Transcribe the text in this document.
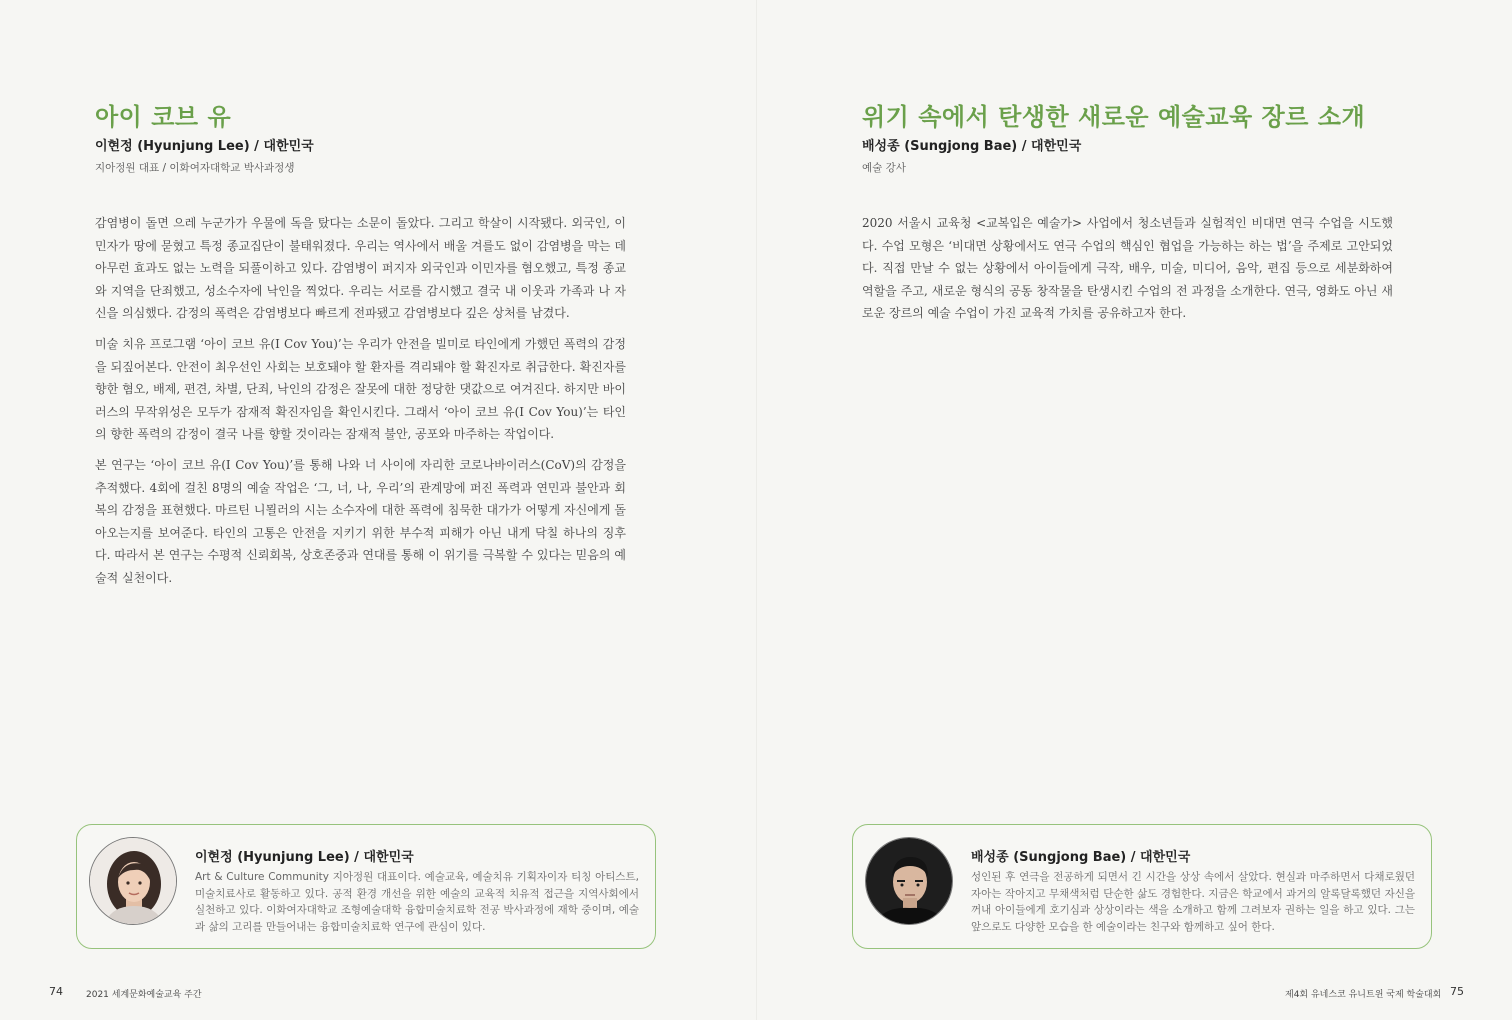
아이 코브 유
이현정 (Hyunjung Lee) / 대한민국
지아정원 대표 / 이화여자대학교 박사과정생

감염병이 돌면 으레 누군가가 우물에 독을 탔다는 소문이 돌았다. 그리고 학살이 시작됐다. 외국인, 이민자가 땅에 묻혔고 특정 종교집단이 불태워졌다. 우리는 역사에서 배울 겨를도 없이 감염병을 막는 데 아무런 효과도 없는 노력을 되풀이하고 있다. 감염병이 퍼지자 외국인과 이민자를 혐오했고, 특정 종교와 지역을 단죄했고, 성소수자에 낙인을 찍었다. 우리는 서로를 감시했고 결국 내 이웃과 가족과 나 자신을 의심했다. 감정의 폭력은 감염병보다 빠르게 전파됐고 감염병보다 깊은 상처를 남겼다.

미술 치유 프로그램 ‘아이 코브 유(I Cov You)’는 우리가 안전을 빌미로 타인에게 가했던 폭력의 감정을 되짚어본다. 안전이 최우선인 사회는 보호돼야 할 환자를 격리돼야 할 확진자로 취급한다. 확진자를 향한 혐오, 배제, 편견, 차별, 단죄, 낙인의 감정은 잘못에 대한 정당한 댓값으로 여겨진다. 하지만 바이러스의 무작위성은 모두가 잠재적 확진자임을 확인시킨다. 그래서 ‘아이 코브 유(I Cov You)’는 타인의 향한 폭력의 감정이 결국 나를 향할 것이라는 잠재적 불안, 공포와 마주하는 작업이다.

본 연구는 ‘아이 코브 유(I Cov You)’를 통해 나와 너 사이에 자리한 코로나바이러스(CoV)의 감정을 추적했다. 4회에 걸친 8명의 예술 작업은 ‘그, 너, 나, 우리’의 관계망에 퍼진 폭력과 연민과 불안과 회복의 감정을 표현했다. 마르틴 니묄러의 시는 소수자에 대한 폭력에 침묵한 대가가 어떻게 자신에게 돌아오는지를 보여준다. 타인의 고통은 안전을 지키기 위한 부수적 피해가 아닌 내게 닥칠 하나의 징후다. 따라서 본 연구는 수평적 신뢰회복, 상호존중과 연대를 통해 이 위기를 극복할 수 있다는 믿음의 예술적 실천이다.

이현정 (Hyunjung Lee) / 대한민국
Art & Culture Community 지아정원 대표이다. 예술교육, 예술치유 기획자이자 티칭 아티스트, 미술치료사로 활동하고 있다. 공적 환경 개선을 위한 예술의 교육적 치유적 접근을 지역사회에서 실천하고 있다. 이화여자대학교 조형예술대학 융합미술치료학 전공 박사과정에 재학 중이며, 예술과 삶의 고리를 만들어내는 융합미술치료학 연구에 관심이 있다.
74	2021 세계문화예술교육 주간
위기 속에서 탄생한 새로운 예술교육 장르 소개
배성종 (Sungjong Bae) / 대한민국
예술 강사

2020 서울시 교육청 <교복입은 예술가> 사업에서 청소년들과 실험적인 비대면 연극 수업을 시도했다. 수업 모형은 ‘비대면 상황에서도 연극 수업의 핵심인 협업을 가능하는 하는 법’을 주제로 고안되었다. 직접 만날 수 없는 상황에서 아이들에게 극작, 배우, 미술, 미디어, 음악, 편집 등으로 세분화하여 역할을 주고, 새로운 형식의 공동 창작물을 탄생시킨 수업의 전 과정을 소개한다. 연극, 영화도 아닌 새로운 장르의 예술 수업이 가진 교육적 가치를 공유하고자 한다.

배성종 (Sungjong Bae) / 대한민국
성인된 후 연극을 전공하게 되면서 긴 시간을 상상 속에서 살았다. 현실과 마주하면서 다채로웠던 자아는 작아지고 무채색처럼 단순한 삶도 경험한다. 지금은 학교에서 과거의 알록달록했던 자신을 꺼내 아이들에게 호기심과 상상이라는 색을 소개하고 함께 그려보자 권하는 일을 하고 있다. 그는 앞으로도 다양한 모습을 한 예술이라는 친구와 함께하고 싶어 한다.
제4회 유네스코 유니트윈 국제 학술대회 75
